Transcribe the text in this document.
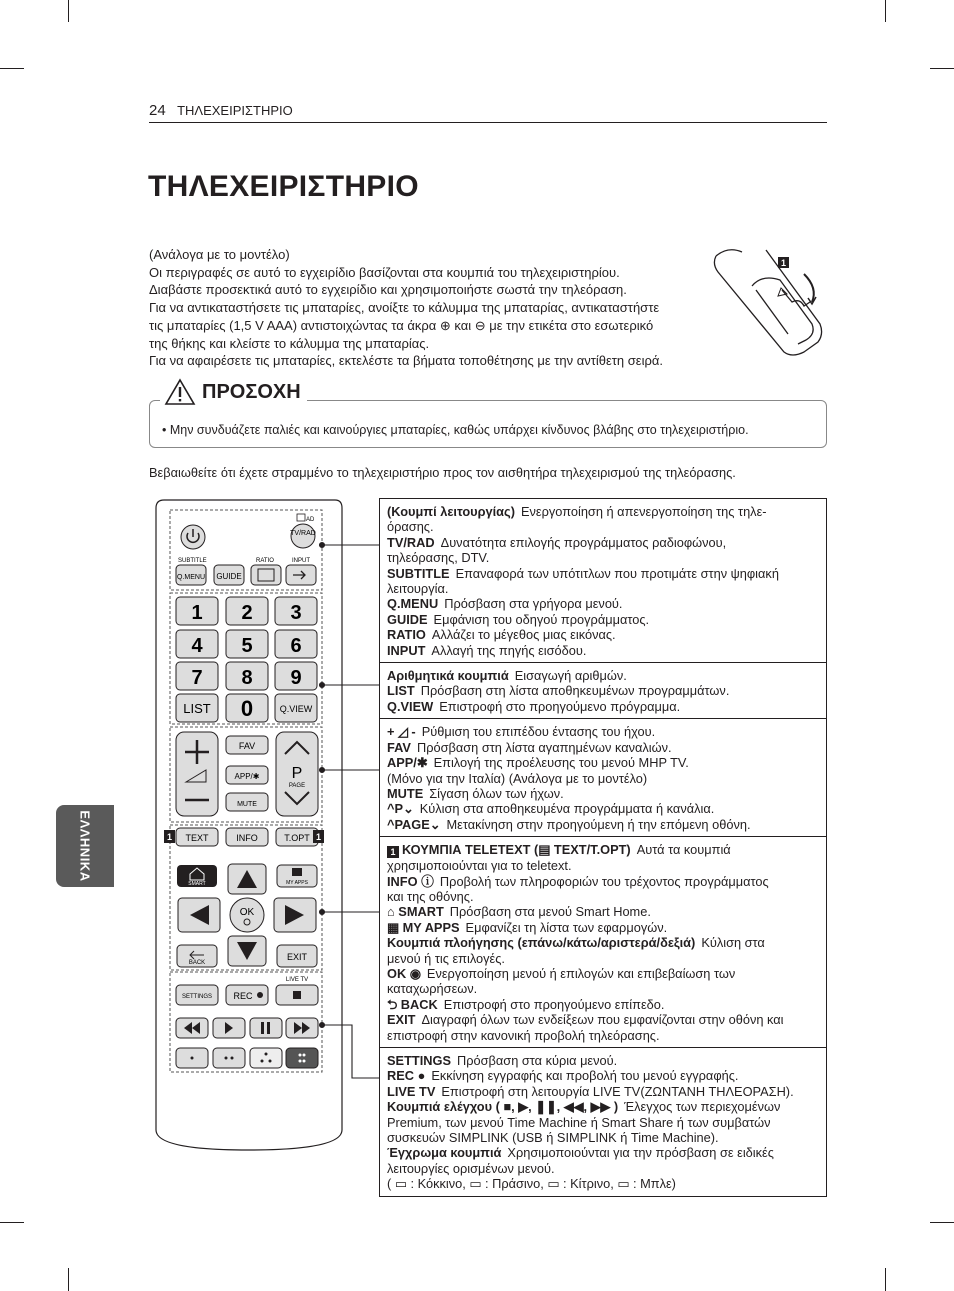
24 ΤΗΛΕΧΕΙΡΙΣΤΗΡΙΟ
ΤΗΛΕΧΕΙΡΙΣΤΗΡΙΟ

(Ανάλογα με το μοντέλο)

Οι περιγραφές σε αυτό το εγχειρίδιο βασίζονται στα κουμπιά του τηλεχειριστηρίου.

Διαβάστε προσεκτικά αυτό το εγχειρίδιο και χρησιμοποιήστε σωστά την τηλεόραση.

Για να αντικαταστήσετε τις μπαταρίες, ανοίξτε το κάλυμμα της μπαταρίας, αντικαταστήστε

τις μπαταρίες (1,5 V AAA) αντιστοιχώντας τα άκρα ⊕ και ⊖ με την ετικέτα στο εσωτερικό

της θήκης και κλείστε το κάλυμμα της μπαταρίας.

Για να αφαιρέσετε τις μπαταρίες, εκτελέστε τα βήματα τοποθέτησης με την αντίθετη σειρά.

1
ΠΡΟΣΟΧΗ
• Μην συνδυάζετε παλιές και καινούργιες μπαταρίες, καθώς υπάρχει κίνδυνος βλάβης στο τηλεχειριστήριο.
Βεβαιωθείτε ότι έχετε στραμμένο το τηλεχειριστήριο προς τον αισθητήρα τηλεχειρισμού της τηλεόρασης.
ΕΛΛΗΝΙΚΑ
AD
TV/RAD
SUBTITLE	RATIO	INPUT
Q.MENU GUIDE
1 2 3
4 5 6
7 8 9
LIST 0	Q.VIEW
FAV
APP/✱
MUTE
P
PAGE
TEXT	INFO	T.OPT
1	1
SMART	MY APPS
OK
BACK
EXIT
LIVE TV
SETTINGS REC
(Κουμπί λειτουργίας) Ενεργοποίηση ή απενεργοποίηση της τηλε-
όρασης.
TV/RAD Δυνατότητα επιλογής προγράμματος ραδιοφώνου,
τηλεόρασης, DTV.
SUBTITLE Επαναφορά των υπότιτλων που προτιμάτε στην ψηφιακή
λειτουργία.
Q.MENU Πρόσβαση στα γρήγορα μενού.
GUIDE Εμφάνιση του οδηγού προγράμματος.
RATIO Αλλάζει το μέγεθος μιας εικόνας.
INPUT Αλλαγή της πηγής εισόδου.
Αριθμητικά κουμπιά Εισαγωγή αριθμών.
LIST Πρόσβαση στη λίστα αποθηκευμένων προγραμμάτων.
Q.VIEW Επιστροφή στο προηγούμενο πρόγραμμα.
+ ◿ - Ρύθμιση του επιπέδου έντασης του ήχου.
FAV Πρόσβαση στη λίστα αγαπημένων καναλιών.
APP/✱ Επιλογή της προέλευσης του μενού MHP TV.
(Μόνο για την Ιταλία) (Ανάλογα με το μοντέλο)
MUTE Σίγαση όλων των ήχων.
^P⌄ Κύλιση στα αποθηκευμένα προγράμματα ή κανάλια.
^PAGE⌄ Μετακίνηση στην προηγούμενη ή την επόμενη οθόνη.
1 ΚΟΥΜΠΙΑ TELETEXT (▤ TEXT/T.OPT) Αυτά τα κουμπιά
χρησιμοποιούνται για το teletext.
INFO ⓘ Προβολή των πληροφοριών του τρέχοντος προγράμματος
και της οθόνης.
⌂ SMART Πρόσβαση στα μενού Smart Home.
▦ MY APPS Εμφανίζει τη λίστα των εφαρμογών.
Κουμπιά πλοήγησης (επάνω/κάτω/αριστερά/δεξιά) Κύλιση στα
μενού ή τις επιλογές.
OK ◉ Ενεργοποίηση μενού ή επιλογών και επιβεβαίωση των
καταχωρήσεων.
⮌ BACK Επιστροφή στο προηγούμενο επίπεδο.
EXIT Διαγραφή όλων των ενδείξεων που εμφανίζονται στην οθόνη και
επιστροφή στην κανονική προβολή τηλεόρασης.
SETTINGS Πρόσβαση στα κύρια μενού.
REC ● Εκκίνηση εγγραφής και προβολή του μενού εγγραφής.
LIVE TV Επιστροφή στη λειτουργία LIVE TV(ΖΩΝΤΑΝΗ ΤΗΛΕΟΡΑΣΗ).
Κουμπιά ελέγχου ( ■, ▶, ❚❚, ◀◀, ▶▶ ) Έλεγχος των περιεχομένων
Premium, των μενού Time Machine ή Smart Share ή των συμβατών
συσκευών SIMPLINK (USB ή SIMPLINK ή Time Machine).
Έγχρωμα κουμπιά Χρησιμοποιούνται για την πρόσβαση σε ειδικές
λειτουργίες ορισμένων μενού.
( ▭ : Κόκκινο, ▭ : Πράσινο, ▭ : Κίτρινο, ▭ : Μπλε)
